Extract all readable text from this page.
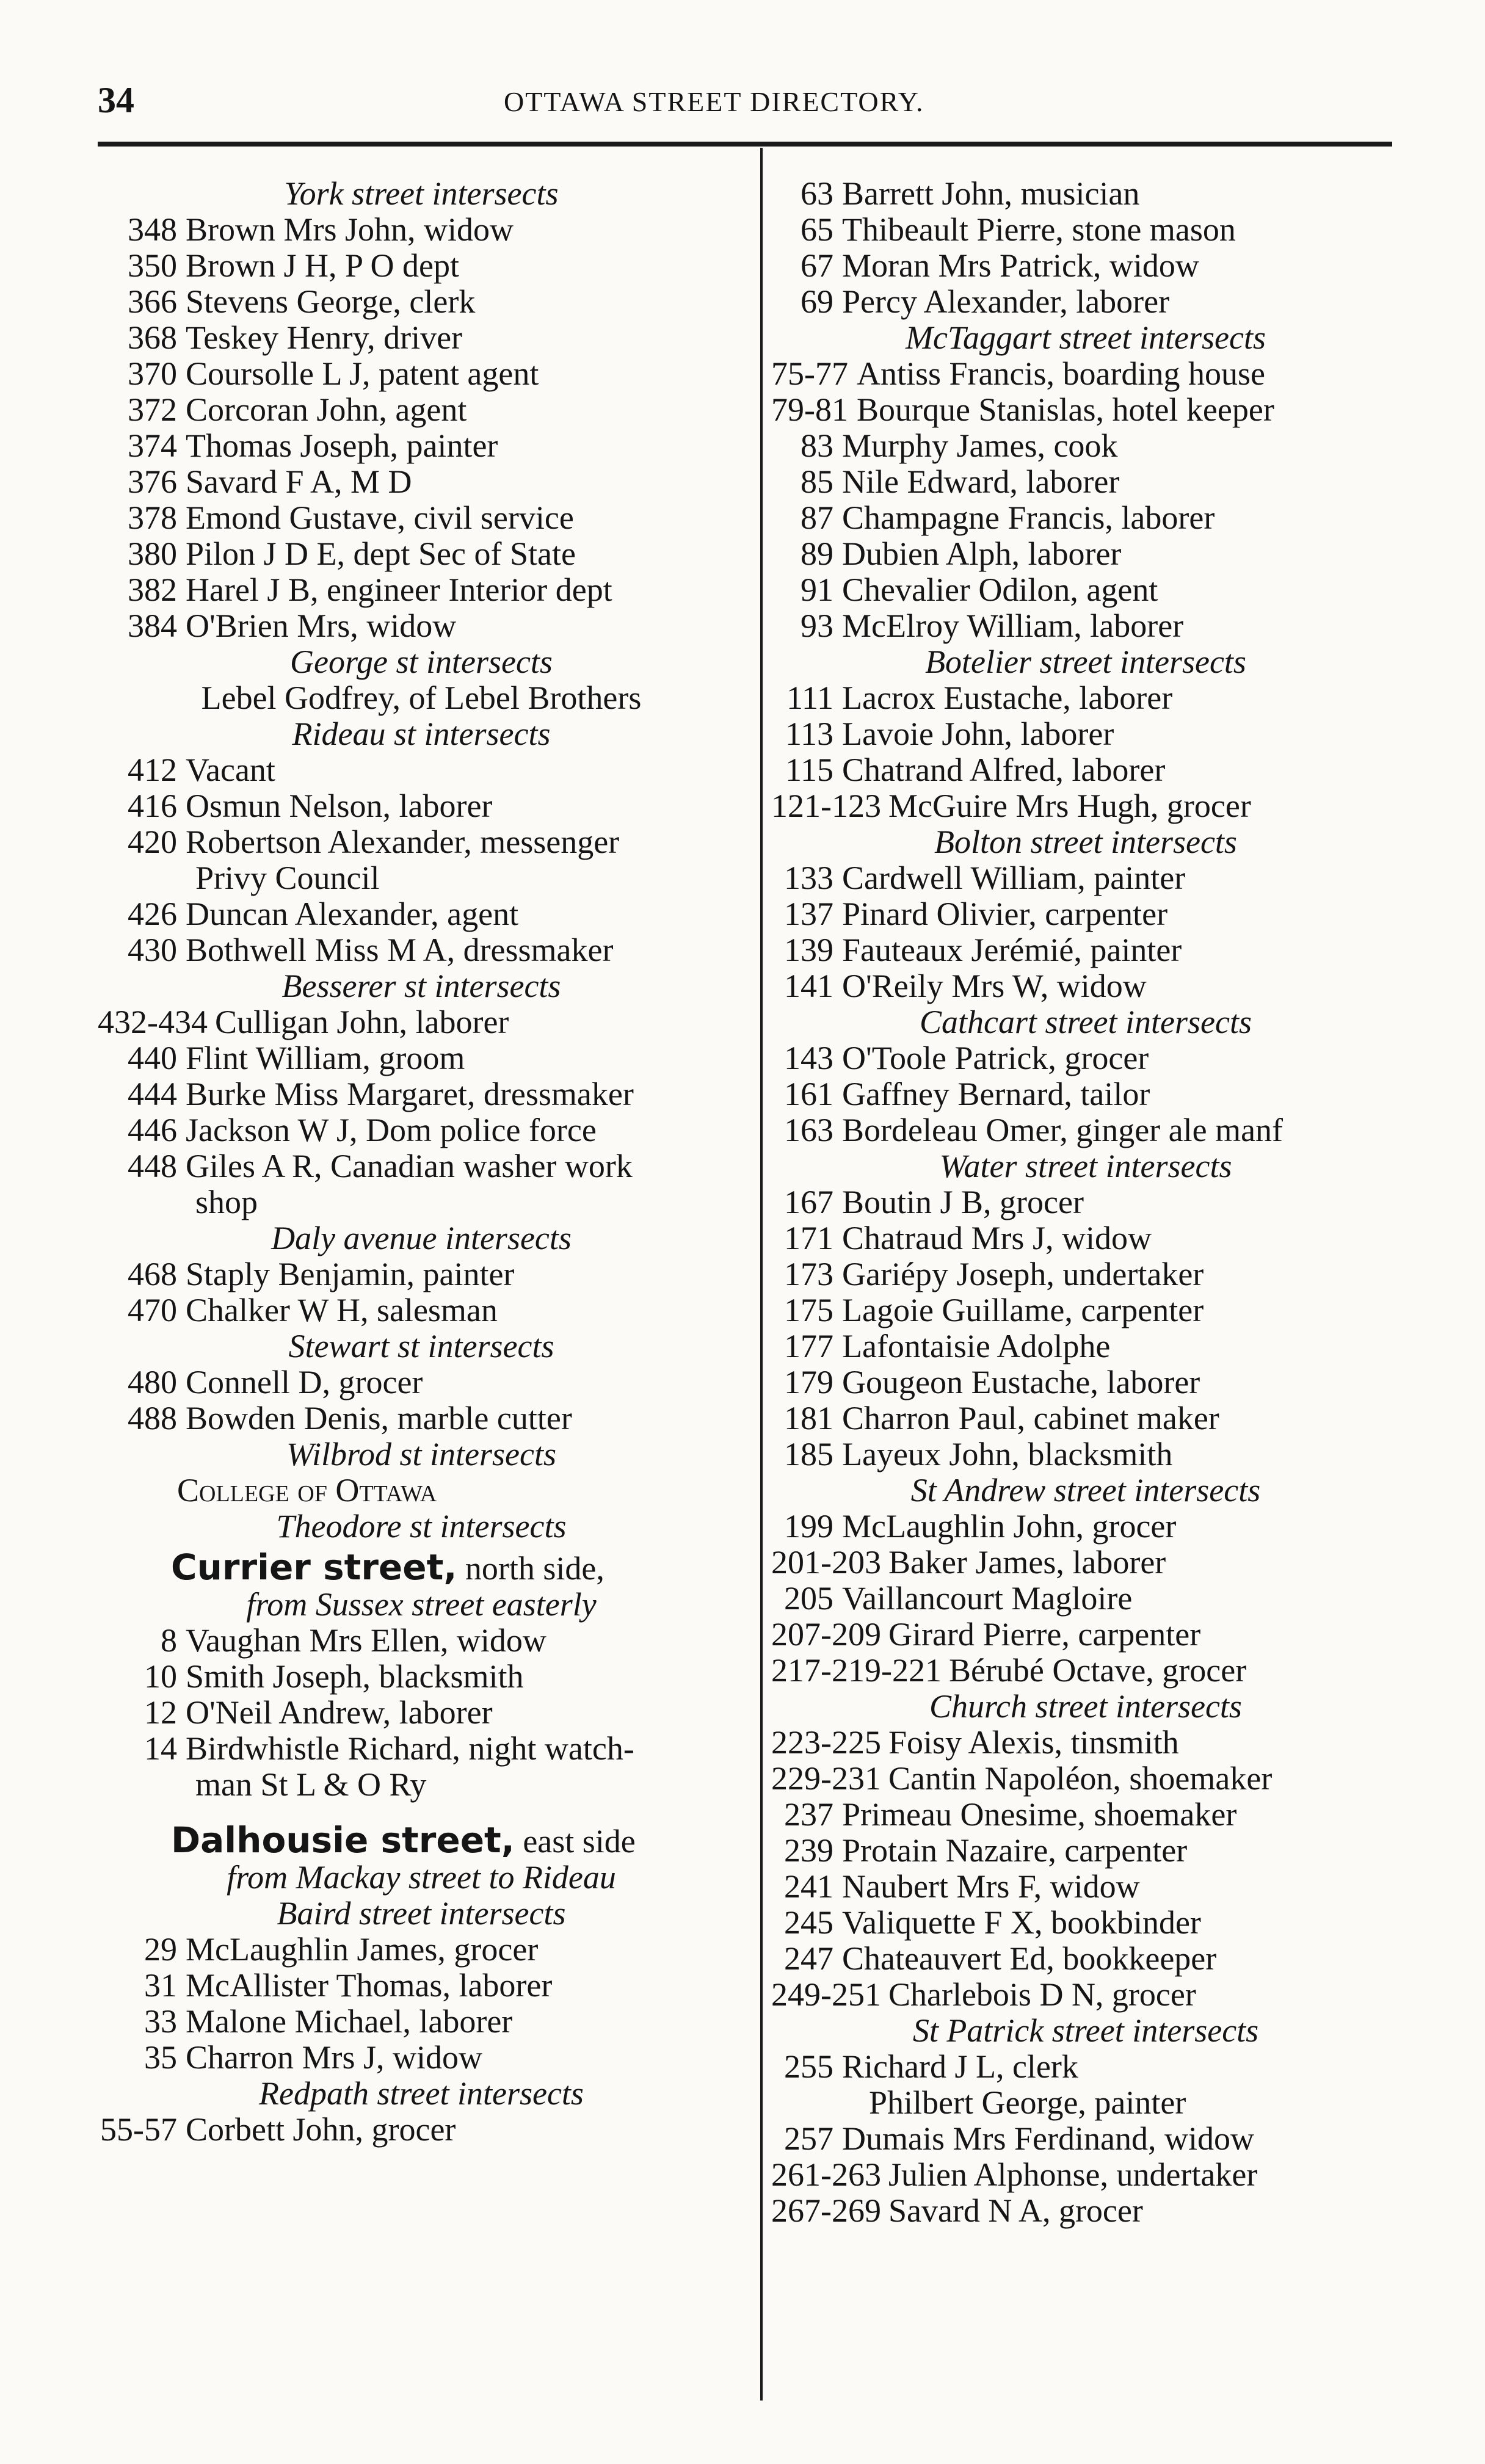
34	OTTAWA STREET DIRECTORY.
York street intersects
348 Brown Mrs John, widow
350 Brown J H, P O dept
366 Stevens George, clerk
368 Teskey Henry, driver
370 Coursolle L J, patent agent
372 Corcoran John, agent
374 Thomas Joseph, painter
376 Savard F A, M D
378 Emond Gustave, civil service
380 Pilon J D E, dept Sec of State
382 Harel J B, engineer Interior dept
384 O'Brien Mrs, widow
George st intersects
Lebel Godfrey, of Lebel Brothers
Rideau st intersects
412 Vacant
416 Osmun Nelson, laborer
420 Robertson Alexander, messenger
Privy Council
426 Duncan Alexander, agent
430 Bothwell Miss M A, dressmaker
Besserer st intersects
432-434 Culligan John, laborer
440 Flint William, groom
444 Burke Miss Margaret, dressmaker
446 Jackson W J, Dom police force
448 Giles A R, Canadian washer work
shop
Daly avenue intersects
468 Staply Benjamin, painter
470 Chalker W H, salesman
Stewart st intersects
480 Connell D, grocer
488 Bowden Denis, marble cutter
Wilbrod st intersects
College of Ottawa
Theodore st intersects
Currier street, north side,
from Sussex street easterly
8 Vaughan Mrs Ellen, widow
10 Smith Joseph, blacksmith
12 O'Neil Andrew, laborer
14 Birdwhistle Richard, night watch-
man St L & O Ry
Dalhousie street, east side
from Mackay street to Rideau
Baird street intersects
29 McLaughlin James, grocer
31 McAllister Thomas, laborer
33 Malone Michael, laborer
35 Charron Mrs J, widow
Redpath street intersects
55-57 Corbett John, grocer
63 Barrett John, musician
65 Thibeault Pierre, stone mason
67 Moran Mrs Patrick, widow
69 Percy Alexander, laborer
McTaggart street intersects
75-77 Antiss Francis, boarding house
79-81 Bourque Stanislas, hotel keeper
83 Murphy James, cook
85 Nile Edward, laborer
87 Champagne Francis, laborer
89 Dubien Alph, laborer
91 Chevalier Odilon, agent
93 McElroy William, laborer
Botelier street intersects
111 Lacrox Eustache, laborer
113 Lavoie John, laborer
115 Chatrand Alfred, laborer
121-123 McGuire Mrs Hugh, grocer
Bolton street intersects
133 Cardwell William, painter
137 Pinard Olivier, carpenter
139 Fauteaux Jerémié, painter
141 O'Reily Mrs W, widow
Cathcart street intersects
143 O'Toole Patrick, grocer
161 Gaffney Bernard, tailor
163 Bordeleau Omer, ginger ale manf
Water street intersects
167 Boutin J B, grocer
171 Chatraud Mrs J, widow
173 Gariépy Joseph, undertaker
175 Lagoie Guillame, carpenter
177 Lafontaisie Adolphe
179 Gougeon Eustache, laborer
181 Charron Paul, cabinet maker
185 Layeux John, blacksmith
St Andrew street intersects
199 McLaughlin John, grocer
201-203 Baker James, laborer
205 Vaillancourt Magloire
207-209 Girard Pierre, carpenter
217-219-221 Bérubé Octave, grocer
Church street intersects
223-225 Foisy Alexis, tinsmith
229-231 Cantin Napoléon, shoemaker
237 Primeau Onesime, shoemaker
239 Protain Nazaire, carpenter
241 Naubert Mrs F, widow
245 Valiquette F X, bookbinder
247 Chateauvert Ed, bookkeeper
249-251 Charlebois D N, grocer
St Patrick street intersects
255 Richard J L, clerk
Philbert George, painter
257 Dumais Mrs Ferdinand, widow
261-263 Julien Alphonse, undertaker
267-269 Savard N A, grocer
